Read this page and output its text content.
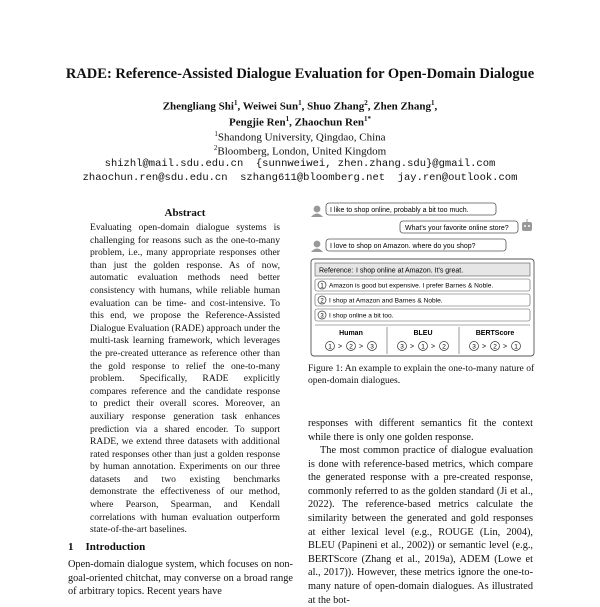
RADE: Reference-Assisted Dialogue Evaluation for Open-Domain Dialogue
Zhengliang Shi$^1$, Weiwei Sun$^1$, Shuo Zhang$^2$, Zhen Zhang$^1$,
Pengjie Ren$^1$, Zhaochun Ren$^{1*}$
$^1$Shandong University, Qingdao, China
$^2$Bloomberg, London, United Kingdom
shizhl@mail.sdu.edu.cn  {sunnweiwei, zhen.zhang.sdu}@gmail.com
zhaochun.ren@sdu.edu.cn  szhang611@bloomberg.net  jay.ren@outlook.com
Abstract
Evaluating open-domain dialogue systems is challenging for reasons such as the one-to-many problem, i.e., many appropriate responses other than just the golden response. As of now, automatic evaluation methods need better consistency with humans, while reliable human evaluation can be time- and cost-intensive. To this end, we propose the Reference-Assisted Dialogue Evaluation (RADE) approach under the multi-task learning framework, which leverages the pre-created utterance as reference other than the gold response to relief the one-to-many problem. Specifically, RADE explicitly compares reference and the candidate response to predict their overall scores. Moreover, an auxiliary response generation task enhances prediction via a shared encoder. To support RADE, we extend three datasets with additional rated responses other than just a golden response by human annotation. Experiments on our three datasets and two existing benchmarks demonstrate the effectiveness of our method, where Pearson, Spearman, and Kendall correlations with human evaluation outperform state-of-the-art baselines.
1 Introduction
Open-domain dialogue system, which focuses on non-goal-oriented chitchat, may converse on a broad range of arbitrary topics. Recent years have
I like to shop online, probably a bit too much.
What's your favorite online store?
I love to shop on Amazon. where do you shop?
Reference: I shop online at Amazon. It's great.
1 Amazon is good but expensive. I prefer Barnes & Noble.
2 I shop at Amazon and Barnes & Noble.
3 I shop online a bit too.
Human
1 > 2 > 3
BLEU
3 > 1 > 2
BERTScore
3 > 2 > 1
Figure 1: An example to explain the one-to-many nature of open-domain dialogues.
responses with different semantics fit the context while there is only one golden response.
The most common practice of dialogue evaluation is done with reference-based metrics, which compare the generated response with a pre-created response, commonly referred to as the golden standard (Ji et al., 2022). The reference-based metrics calculate the similarity between the generated and gold responses at either lexical level (e.g., ROUGE (Lin, 2004), BLEU (Papineni et al., 2002)) or semantic level (e.g., BERTScore (Zhang et al., 2019a), ADEM (Lowe et al., 2017)). However, these metrics ignore the one-to-many nature of open-domain dialogues. As illustrated at the bot-
